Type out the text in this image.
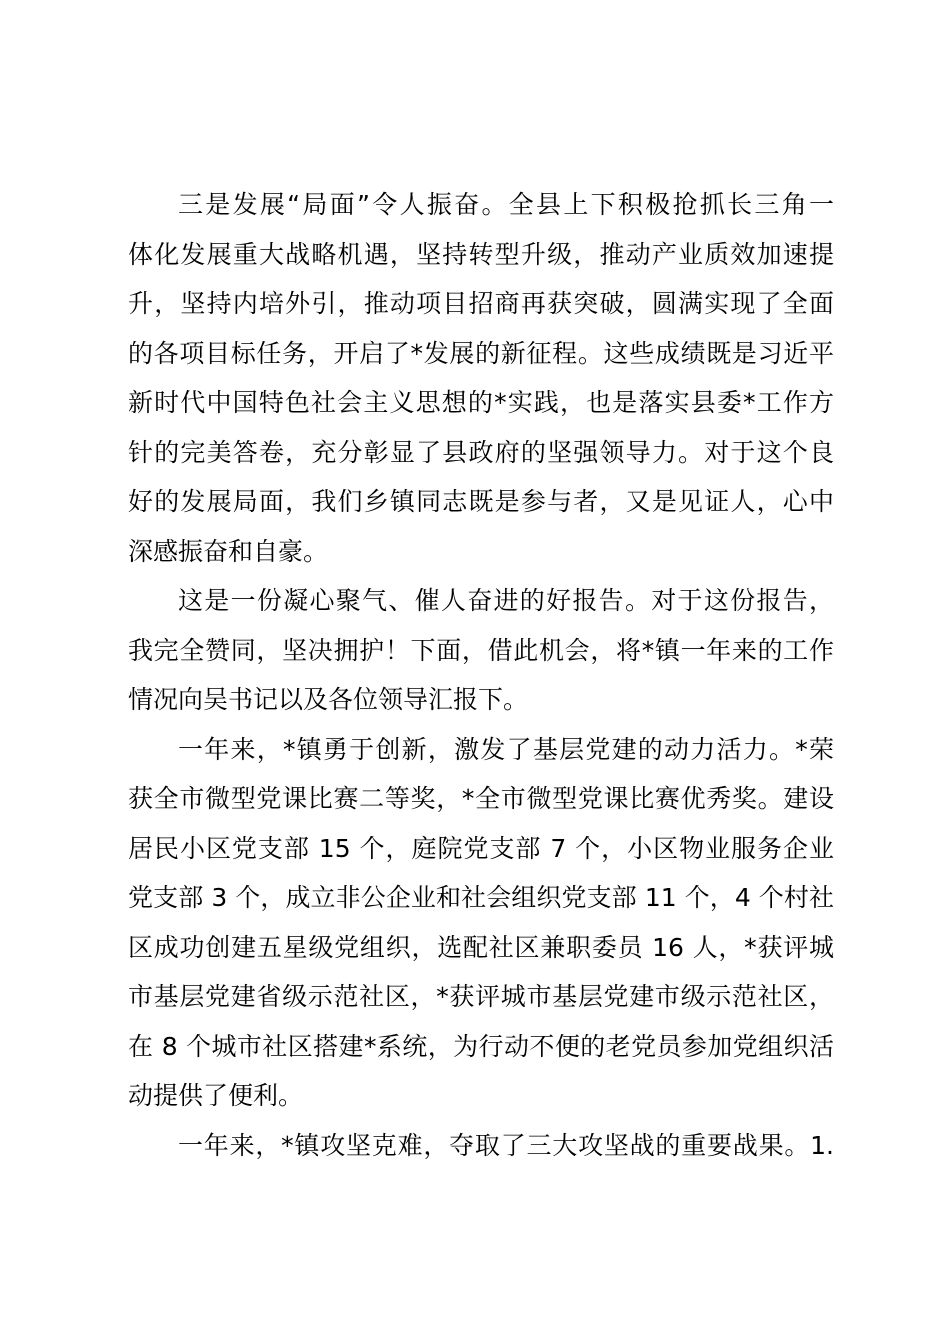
三是发展“局面”令人振奋。全县上下积极抢抓长三角一
体化发展重大战略机遇，坚持转型升级，推动产业质效加速提
升，坚持内培外引，推动项目招商再获突破，圆满实现了全面
的各项目标任务，开启了*发展的新征程。这些成绩既是习近平
新时代中国特色社会主义思想的*实践，也是落实县委*工作方
针的完美答卷，充分彰显了县政府的坚强领导力。对于这个良
好的发展局面，我们乡镇同志既是参与者，又是见证人，心中
深感振奋和自豪。
这是一份凝心聚气、催人奋进的好报告。对于这份报告，
我完全赞同，坚决拥护！下面，借此机会，将*镇一年来的工作
情况向吴书记以及各位领导汇报下。
一年来，*镇勇于创新，激发了基层党建的动力活力。*荣
获全市微型党课比赛二等奖，*全市微型党课比赛优秀奖。建设
居民小区党支部 15 个，庭院党支部 7 个，小区物业服务企业
党支部 3 个，成立非公企业和社会组织党支部 11 个，4 个村社
区成功创建五星级党组织，选配社区兼职委员 16 人，*获评城
市基层党建省级示范社区，*获评城市基层党建市级示范社区，
在 8 个城市社区搭建*系统，为行动不便的老党员参加党组织活
动提供了便利。
一年来，*镇攻坚克难，夺取了三大攻坚战的重要战果。1.
